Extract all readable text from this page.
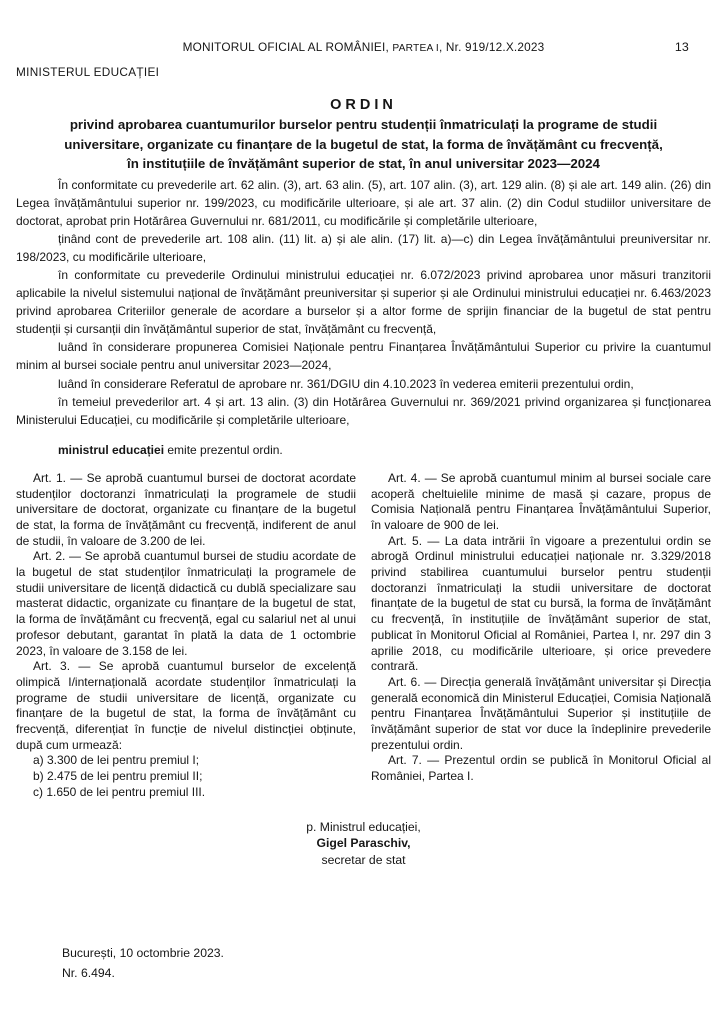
MONITORUL OFICIAL AL ROMÂNIEI, PARTEA I, Nr. 919/12.X.2023	13
MINISTERUL EDUCAȚIEI
ORDIN
privind aprobarea cuantumurilor burselor pentru studenții înmatriculați la programe de studii
universitare, organizate cu finanțare de la bugetul de stat, la forma de învățământ cu frecvență,
în instituțiile de învățământ superior de stat, în anul universitar 2023—2024

În conformitate cu prevederile art. 62 alin. (3), art. 63 alin. (5), art. 107 alin. (3), art. 129 alin. (8) și ale art. 149 alin. (26) din Legea învățământului superior nr. 199/2023, cu modificările ulterioare, și ale art. 37 alin. (2) din Codul studiilor universitare de doctorat, aprobat prin Hotărârea Guvernului nr. 681/2011, cu modificările și completările ulterioare,

ținând cont de prevederile art. 108 alin. (11) lit. a) și ale alin. (17) lit. a)—c) din Legea învățământului preuniversitar nr. 198/2023, cu modificările ulterioare,

în conformitate cu prevederile Ordinului ministrului educației nr. 6.072/2023 privind aprobarea unor măsuri tranzitorii aplicabile la nivelul sistemului național de învățământ preuniversitar și superior și ale Ordinului ministrului educației nr. 6.463/2023 privind aprobarea Criteriilor generale de acordare a burselor și a altor forme de sprijin financiar de la bugetul de stat pentru studenții și cursanții din învățământul superior de stat, învățământ cu frecvență,

luând în considerare propunerea Comisiei Naționale pentru Finanțarea Învățământului Superior cu privire la cuantumul minim al bursei sociale pentru anul universitar 2023—2024,

luând în considerare Referatul de aprobare nr. 361/DGIU din 4.10.2023 în vederea emiterii prezentului ordin,

în temeiul prevederilor art. 4 și art. 13 alin. (3) din Hotărârea Guvernului nr. 369/2021 privind organizarea și funcționarea Ministerului Educației, cu modificările și completările ulterioare,

ministrul educației emite prezentul ordin.

Art. 1. — Se aprobă cuantumul bursei de doctorat acordate studenților doctoranzi înmatriculați la programele de studii universitare de doctorat, organizate cu finanțare de la bugetul de stat, la forma de învățământ cu frecvență, indiferent de anul de studii, în valoare de 3.200 de lei.

Art. 2. — Se aprobă cuantumul bursei de studiu acordate de la bugetul de stat studenților înmatriculați la programele de studii universitare de licență didactică cu dublă specializare sau masterat didactic, organizate cu finanțare de la bugetul de stat, la forma de învățământ cu frecvență, egal cu salariul net al unui profesor debutant, garantat în plată la data de 1 octombrie 2023, în valoare de 3.158 de lei.

Art. 3. — Se aprobă cuantumul burselor de excelență olimpică I/internațională acordate studenților înmatriculați la programe de studii universitare de licență, organizate cu finanțare de la bugetul de stat, la forma de învățământ cu frecvență, diferențiat în funcție de nivelul distincției obținute, după cum urmează:

a) 3.300 de lei pentru premiul I;
b) 2.475 de lei pentru premiul II;
c) 1.650 de lei pentru premiul III.

Art. 4. — Se aprobă cuantumul minim al bursei sociale care acoperă cheltuielile minime de masă și cazare, propus de Comisia Națională pentru Finanțarea Învățământului Superior, în valoare de 900 de lei.

Art. 5. — La data intrării în vigoare a prezentului ordin se abrogă Ordinul ministrului educației naționale nr. 3.329/2018 privind stabilirea cuantumului burselor pentru studenții doctoranzi înmatriculați la studii universitare de doctorat finanțate de la bugetul de stat cu bursă, la forma de învățământ cu frecvență, în instituțiile de învățământ superior de stat, publicat în Monitorul Oficial al României, Partea I, nr. 297 din 3 aprilie 2018, cu modificările ulterioare, și orice prevedere contrară.

Art. 6. — Direcția generală învățământ universitar și Direcția generală economică din Ministerul Educației, Comisia Națională pentru Finanțarea Învățământului Superior și instituțiile de învățământ superior de stat vor duce la îndeplinire prevederile prezentului ordin.

Art. 7. — Prezentul ordin se publică în Monitorul Oficial al României, Partea I.

p. Ministrul educației,
Gigel Paraschiv,
secretar de stat
București, 10 octombrie 2023.
Nr. 6.494.
